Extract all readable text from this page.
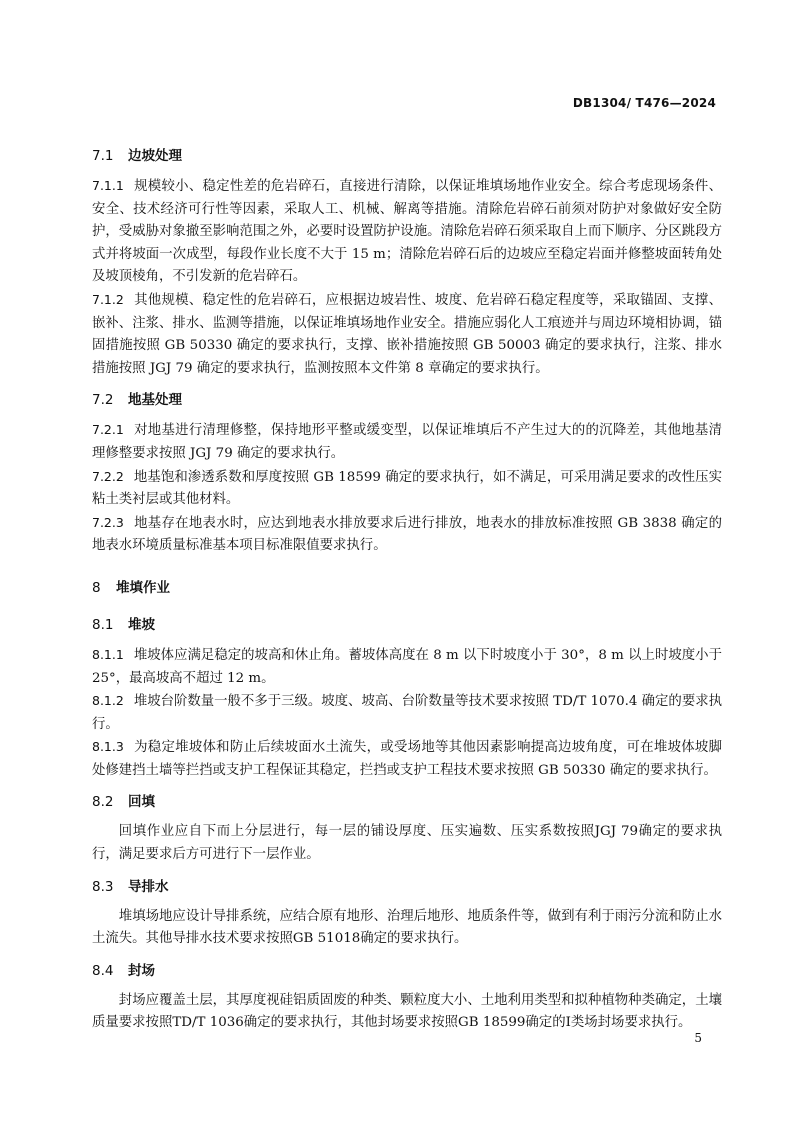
DB1304/ T476—2024
7.1 边坡处理
7.1.1 规模较小、稳定性差的危岩碎石，直接进行清除，以保证堆填场地作业安全。综合考虑现场条件、安全、技术经济可行性等因素，采取人工、机械、解离等措施。清除危岩碎石前须对防护对象做好安全防护，受威胁对象撤至影响范围之外，必要时设置防护设施。清除危岩碎石须采取自上而下顺序、分区跳段方式并将坡面一次成型，每段作业长度不大于 15 m；清除危岩碎石后的边坡应至稳定岩面并修整坡面转角处及坡顶棱角，不引发新的危岩碎石。
7.1.2 其他规模、稳定性的危岩碎石，应根据边坡岩性、坡度、危岩碎石稳定程度等，采取锚固、支撑、嵌补、注浆、排水、监测等措施，以保证堆填场地作业安全。措施应弱化人工痕迹并与周边环境相协调，锚固措施按照 GB 50330 确定的要求执行，支撑、嵌补措施按照 GB 50003 确定的要求执行，注浆、排水措施按照 JGJ 79 确定的要求执行，监测按照本文件第 8 章确定的要求执行。
7.2 地基处理
7.2.1 对地基进行清理修整，保持地形平整或缓变型，以保证堆填后不产生过大的的沉降差，其他地基清理修整要求按照 JGJ 79 确定的要求执行。
7.2.2 地基饱和渗透系数和厚度按照 GB 18599 确定的要求执行，如不满足，可采用满足要求的改性压实粘土类衬层或其他材料。
7.2.3 地基存在地表水时，应达到地表水排放要求后进行排放，地表水的排放标准按照 GB 3838 确定的地表水环境质量标准基本项目标准限值要求执行。
8 堆填作业
8.1 堆坡
8.1.1 堆坡体应满足稳定的坡高和休止角。蓄坡体高度在 8 m 以下时坡度小于 30°，8 m 以上时坡度小于 25°，最高坡高不超过 12 m。
8.1.2 堆坡台阶数量一般不多于三级。坡度、坡高、台阶数量等技术要求按照 TD/T 1070.4 确定的要求执行。
8.1.3 为稳定堆坡体和防止后续坡面水土流失，或受场地等其他因素影响提高边坡角度，可在堆坡体坡脚处修建挡土墙等拦挡或支护工程保证其稳定，拦挡或支护工程技术要求按照 GB 50330 确定的要求执行。
8.2 回填
回填作业应自下而上分层进行，每一层的铺设厚度、压实遍数、压实系数按照JGJ 79确定的要求执行，满足要求后方可进行下一层作业。
8.3 导排水
堆填场地应设计导排系统，应结合原有地形、治理后地形、地质条件等，做到有利于雨污分流和防止水土流失。其他导排水技术要求按照GB 51018确定的要求执行。
8.4 封场
封场应覆盖土层，其厚度视硅铝质固废的种类、颗粒度大小、土地利用类型和拟种植物种类确定，土壤质量要求按照TD/T 1036确定的要求执行，其他封场要求按照GB 18599确定的I类场封场要求执行。
5
